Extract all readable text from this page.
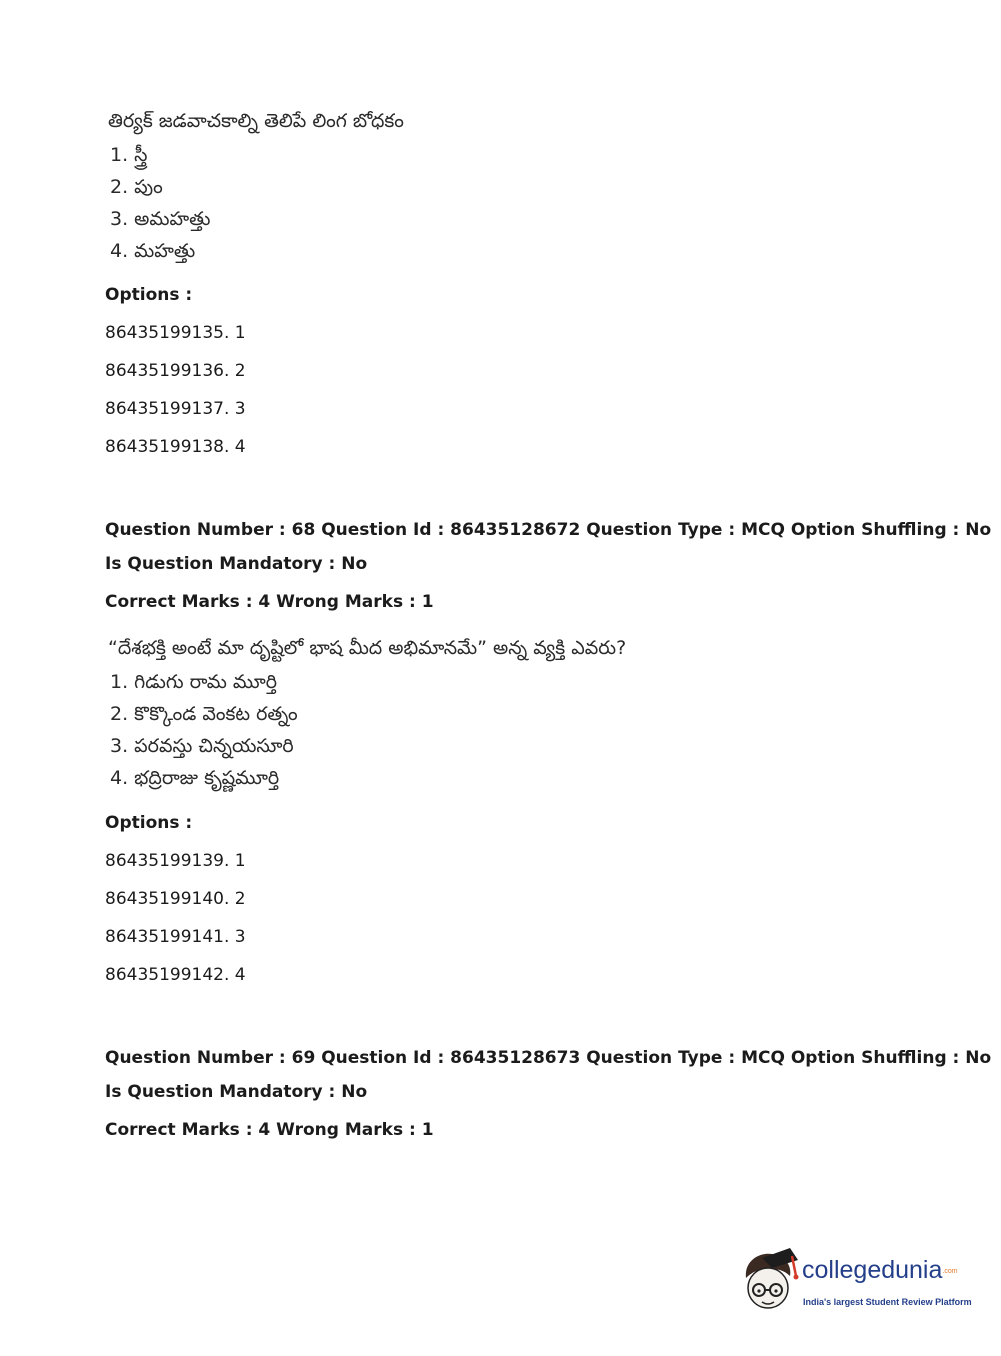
తిర్యక్ జడవాచకాల్ని తెలిపే లింగ బోధకం
1. స్త్రీ
2. పుం
3. అమహత్తు
4. మహత్తు
Options :
86435199135. 1
86435199136. 2
86435199137. 3
86435199138. 4
Question Number : 68 Question Id : 86435128672 Question Type : MCQ Option Shuffling : No
Is Question Mandatory : No
Correct Marks : 4 Wrong Marks : 1
“దేశభక్తి అంటే మా దృష్టిలో భాష మీద అభిమానమే” అన్న వ్యక్తి ఎవరు?
1. గిడుగు రామ మూర్తి
2. కొక్కొండ వెంకట రత్నం
3. పరవస్తు చిన్నయసూరి
4. భద్రిరాజు కృష్ణమూర్తి
Options :
86435199139. 1
86435199140. 2
86435199141. 3
86435199142. 4
Question Number : 69 Question Id : 86435128673 Question Type : MCQ Option Shuffling : No
Is Question Mandatory : No
Correct Marks : 4 Wrong Marks : 1
collegedunia.com
India's largest Student Review Platform
